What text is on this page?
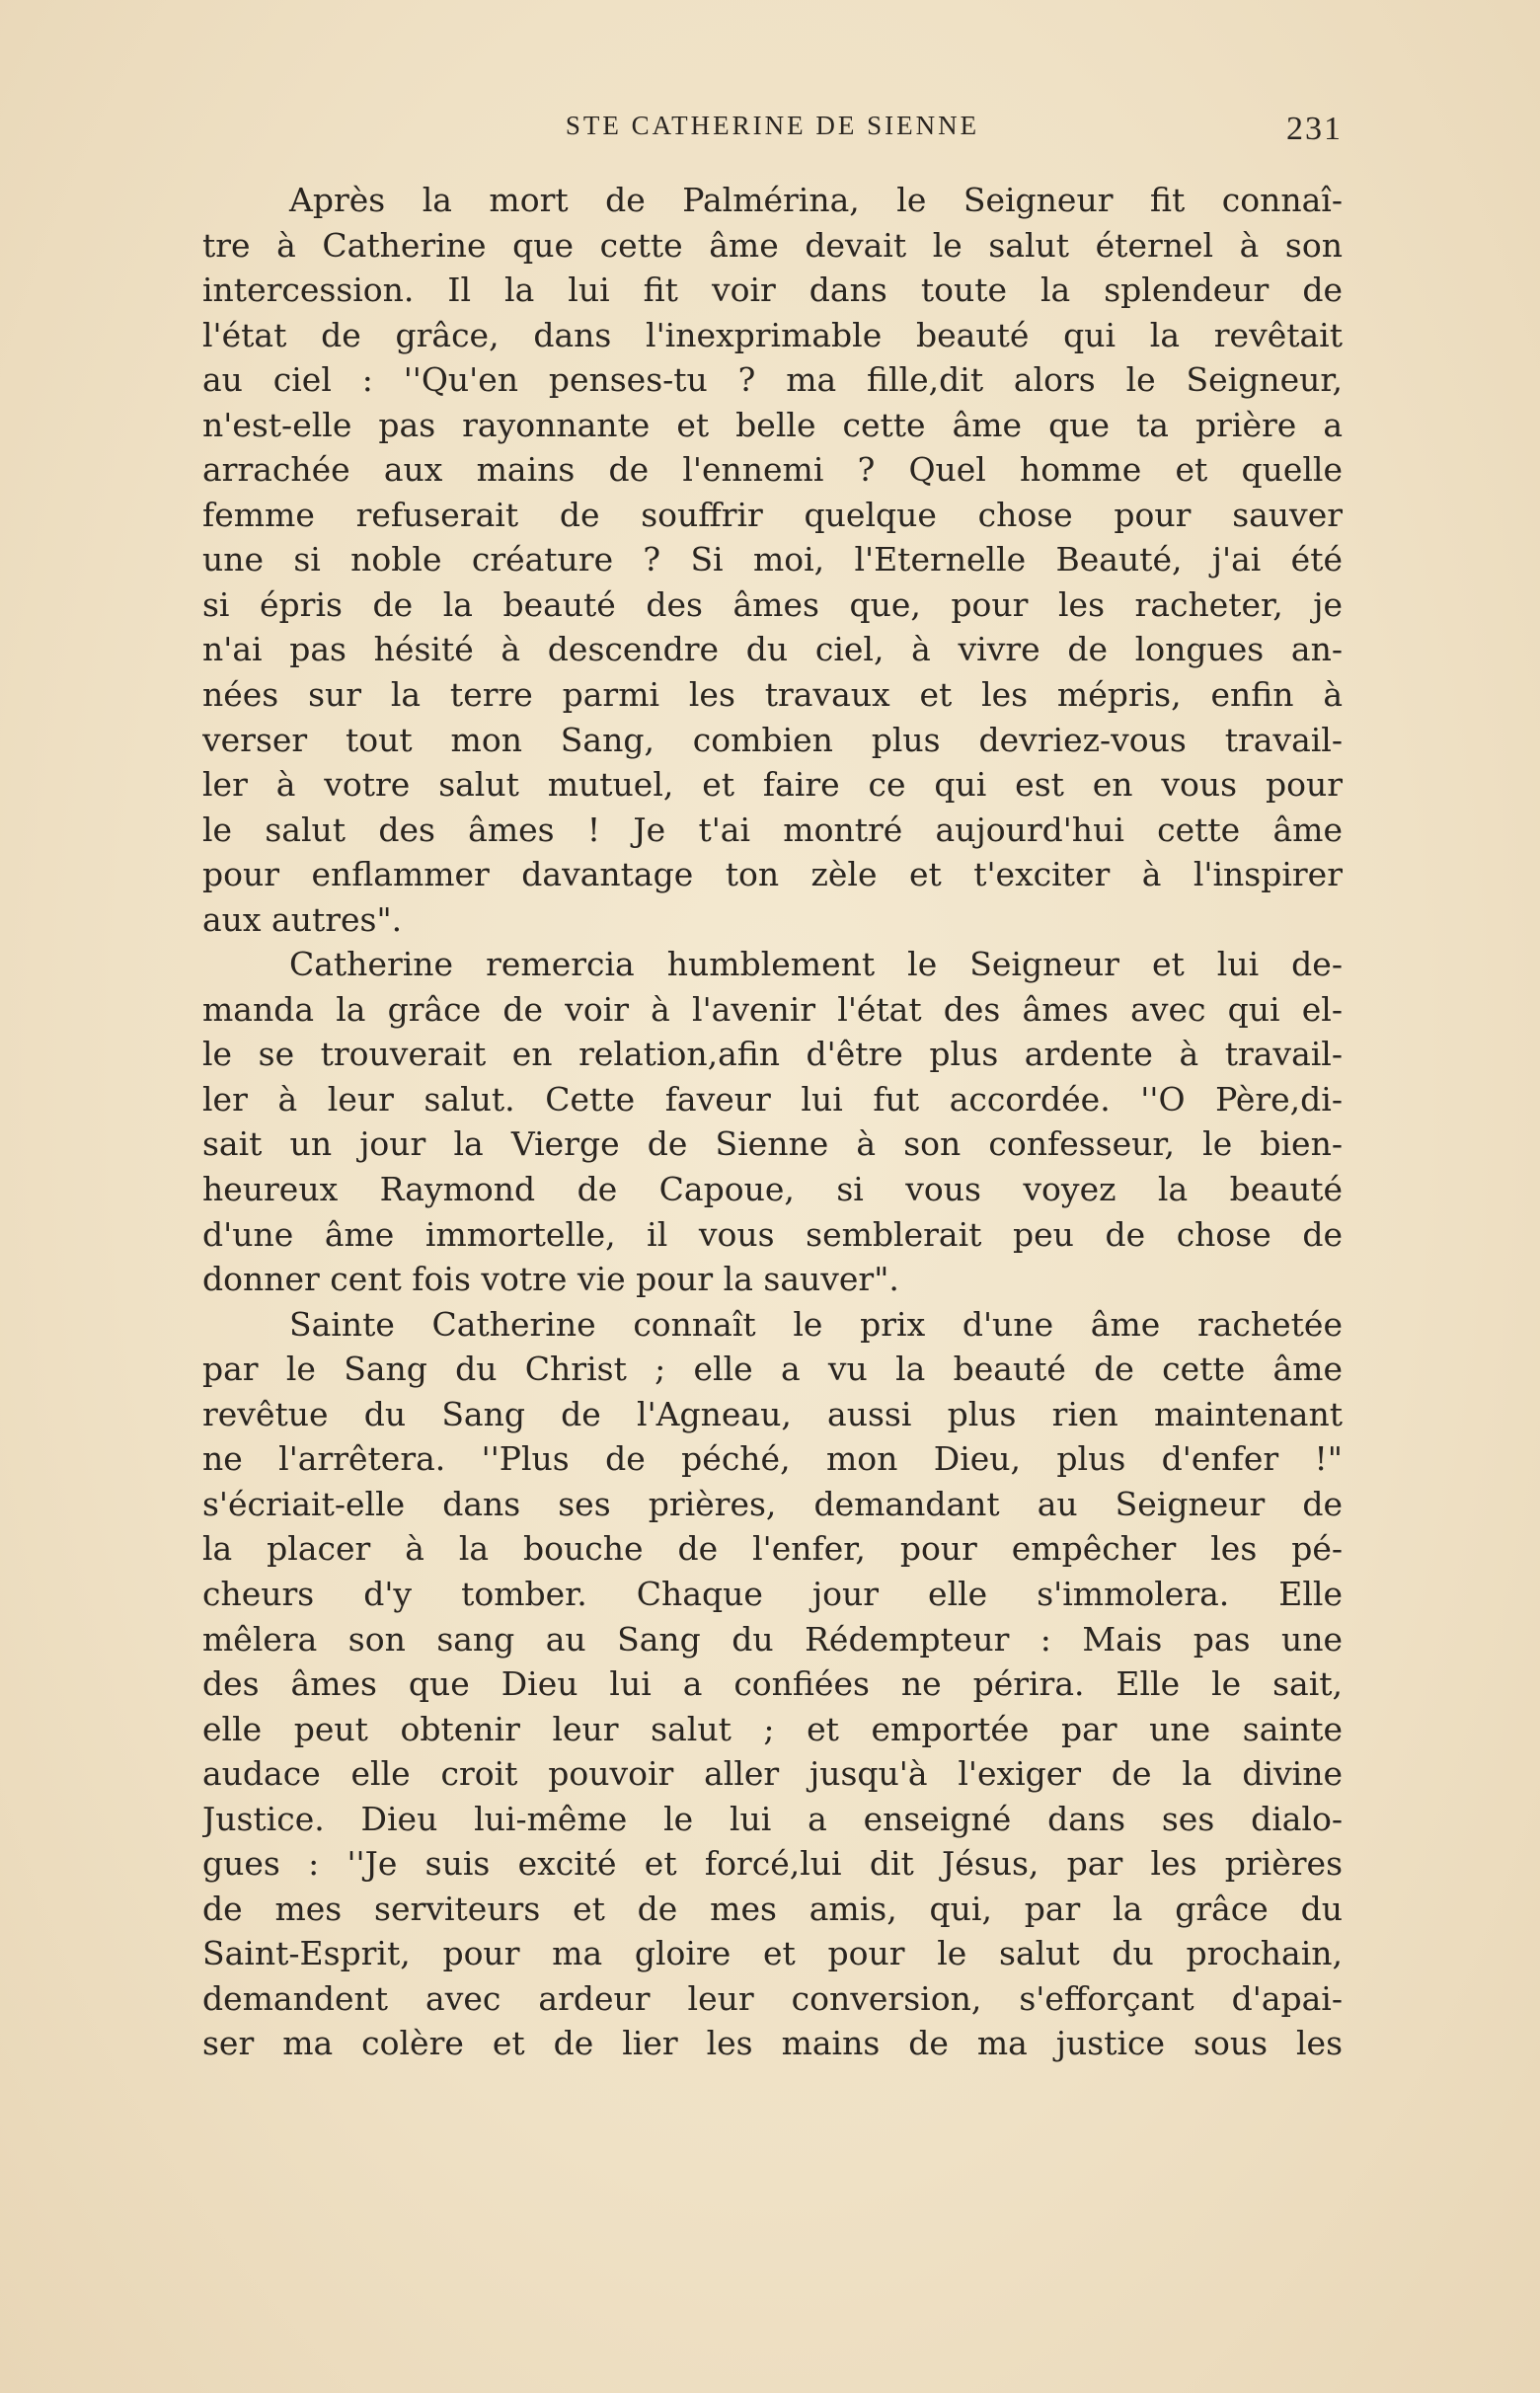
STE CATHERINE DE SIENNE	231
Après la mort de Palmérina, le Seigneur fit connaî-
tre à Catherine que cette âme devait le salut éternel à son
intercession. Il la lui fit voir dans toute la splendeur de
l'état de grâce, dans l'inexprimable beauté qui la revêtait
au ciel : ''Qu'en penses-tu ? ma fille,dit alors le Seigneur,
n'est-elle pas rayonnante et belle cette âme que ta prière a
arrachée aux mains de l'ennemi ? Quel homme et quelle
femme refuserait de souffrir quelque chose pour sauver
une si noble créature ? Si moi, l'Eternelle Beauté, j'ai été
si épris de la beauté des âmes que, pour les racheter, je
n'ai pas hésité à descendre du ciel, à vivre de longues an-
nées sur la terre parmi les travaux et les mépris, enfin à
verser tout mon Sang, combien plus devriez-vous travail-
ler à votre salut mutuel, et faire ce qui est en vous pour
le salut des âmes ! Je t'ai montré aujourd'hui cette âme
pour enflammer davantage ton zèle et t'exciter à l'inspirer
aux autres".
Catherine remercia humblement le Seigneur et lui de-
manda la grâce de voir à l'avenir l'état des âmes avec qui el-
le se trouverait en relation,afin d'être plus ardente à travail-
ler à leur salut. Cette faveur lui fut accordée. ''O Père,di-
sait un jour la Vierge de Sienne à son confesseur, le bien-
heureux Raymond de Capoue, si vous voyez la beauté
d'une âme immortelle, il vous semblerait peu de chose de
donner cent fois votre vie pour la sauver".
Sainte Catherine connaît le prix d'une âme rachetée
par le Sang du Christ ; elle a vu la beauté de cette âme
revêtue du Sang de l'Agneau, aussi plus rien maintenant
ne l'arrêtera. ''Plus de péché, mon Dieu, plus d'enfer !"
s'écriait-elle dans ses prières, demandant au Seigneur de
la placer à la bouche de l'enfer, pour empêcher les pé-
cheurs d'y tomber. Chaque jour elle s'immolera. Elle
mêlera son sang au Sang du Rédempteur : Mais pas une
des âmes que Dieu lui a confiées ne périra. Elle le sait,
elle peut obtenir leur salut ; et emportée par une sainte
audace elle croit pouvoir aller jusqu'à l'exiger de la divine
Justice. Dieu lui-même le lui a enseigné dans ses dialo-
gues : ''Je suis excité et forcé,lui dit Jésus, par les prières
de mes serviteurs et de mes amis, qui, par la grâce du
Saint-Esprit, pour ma gloire et pour le salut du prochain,
demandent avec ardeur leur conversion, s'efforçant d'apai-
ser ma colère et de lier les mains de ma justice sous les
